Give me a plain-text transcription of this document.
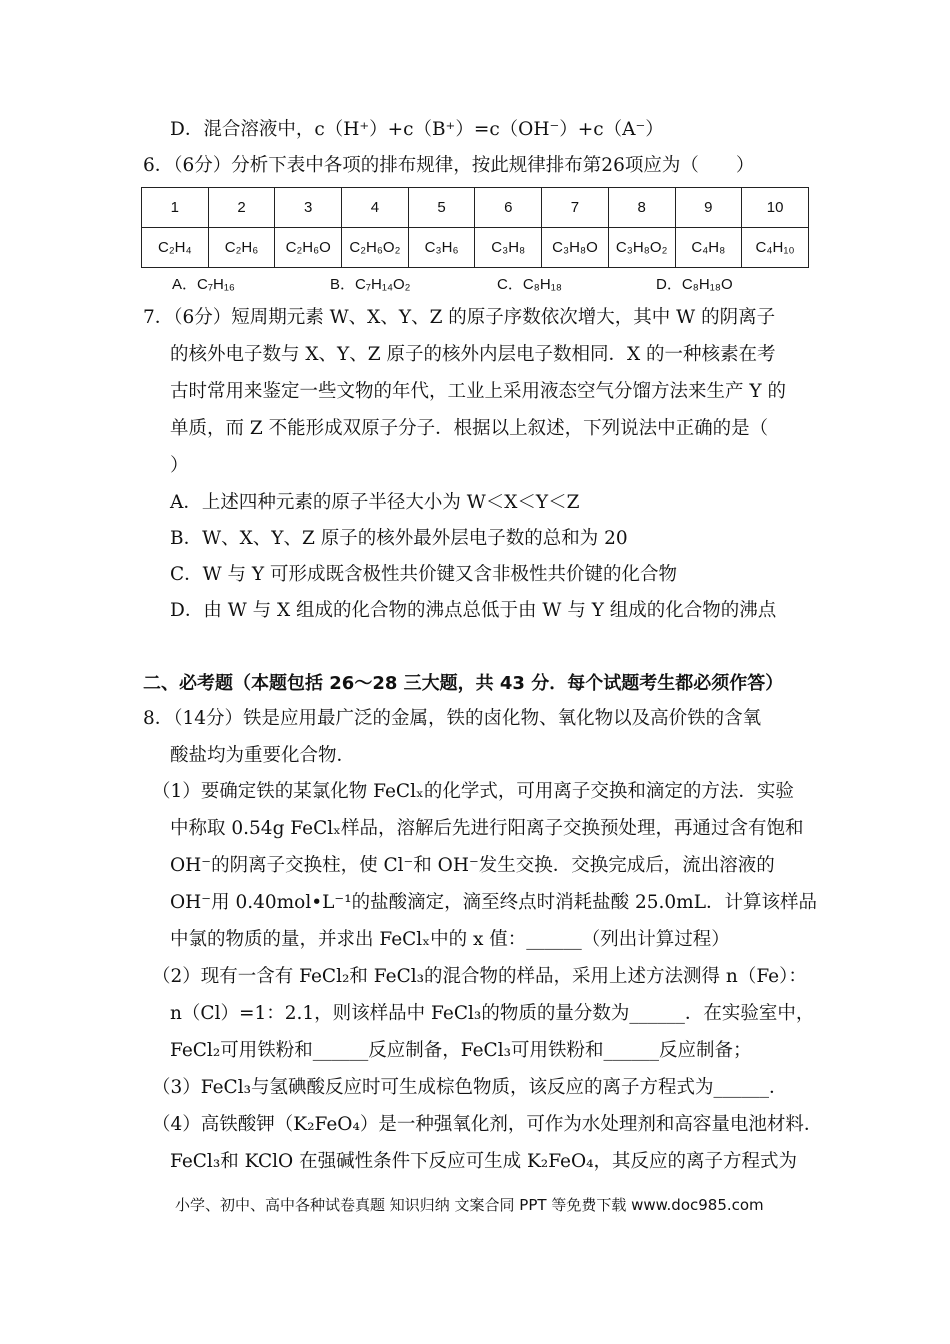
D．混合溶液中，c（H⁺）+c（B⁺）=c（OH⁻）+c（A⁻）
6．（6分）分析下表中各项的排布规律，按此规律排布第26项应为（　　）
1	2	3	4	5	6	7	8	9	10
C₂H₄	C₂H₆	C₂H₆O	C₂H₆O₂	C₃H₆	C₃H₈	C₃H₈O	C₃H₈O₂	C₄H₈	C₄H₁₀
A．C₇H₁₆	B．C₇H₁₄O₂	C．C₈H₁₈	D．C₈H₁₈O
7．（6分）短周期元素 W、X、Y、Z 的原子序数依次增大，其中 W 的阴离子
的核外电子数与 X、Y、Z 原子的核外内层电子数相同．X 的一种核素在考
古时常用来鉴定一些文物的年代，工业上采用液态空气分馏方法来生产 Y 的
单质，而 Z 不能形成双原子分子．根据以上叙述，下列说法中正确的是（
）
A．上述四种元素的原子半径大小为 W＜X＜Y＜Z
B．W、X、Y、Z 原子的核外最外层电子数的总和为 20
C．W 与 Y 可形成既含极性共价键又含非极性共价键的化合物
D．由 W 与 X 组成的化合物的沸点总低于由 W 与 Y 组成的化合物的沸点
二、必考题（本题包括 26～28 三大题，共 43 分．每个试题考生都必须作答）
8．（14分）铁是应用最广泛的金属，铁的卤化物、氧化物以及高价铁的含氧
酸盐均为重要化合物．
（1）要确定铁的某氯化物 FeClₓ的化学式，可用离子交换和滴定的方法．实验
中称取 0.54g FeClₓ样品，溶解后先进行阳离子交换预处理，再通过含有饱和
OH⁻的阴离子交换柱，使 Cl⁻和 OH⁻发生交换．交换完成后，流出溶液的
OH⁻用 0.40mol•L⁻¹的盐酸滴定，滴至终点时消耗盐酸 25.0mL．计算该样品
中氯的物质的量，并求出 FeClₓ中的 x 值：______（列出计算过程）
（2）现有一含有 FeCl₂和 FeCl₃的混合物的样品，采用上述方法测得 n（Fe）：
n（Cl）=1：2.1，则该样品中 FeCl₃的物质的量分数为______．在实验室中，
FeCl₂可用铁粉和______反应制备，FeCl₃可用铁粉和______反应制备；
（3）FeCl₃与氢碘酸反应时可生成棕色物质，该反应的离子方程式为______．
（4）高铁酸钾（K₂FeO₄）是一种强氧化剂，可作为水处理剂和高容量电池材料．
FeCl₃和 KClO 在强碱性条件下反应可生成 K₂FeO₄，其反应的离子方程式为
小学、初中、高中各种试卷真题 知识归纳 文案合同 PPT 等免费下载 www.doc985.com
